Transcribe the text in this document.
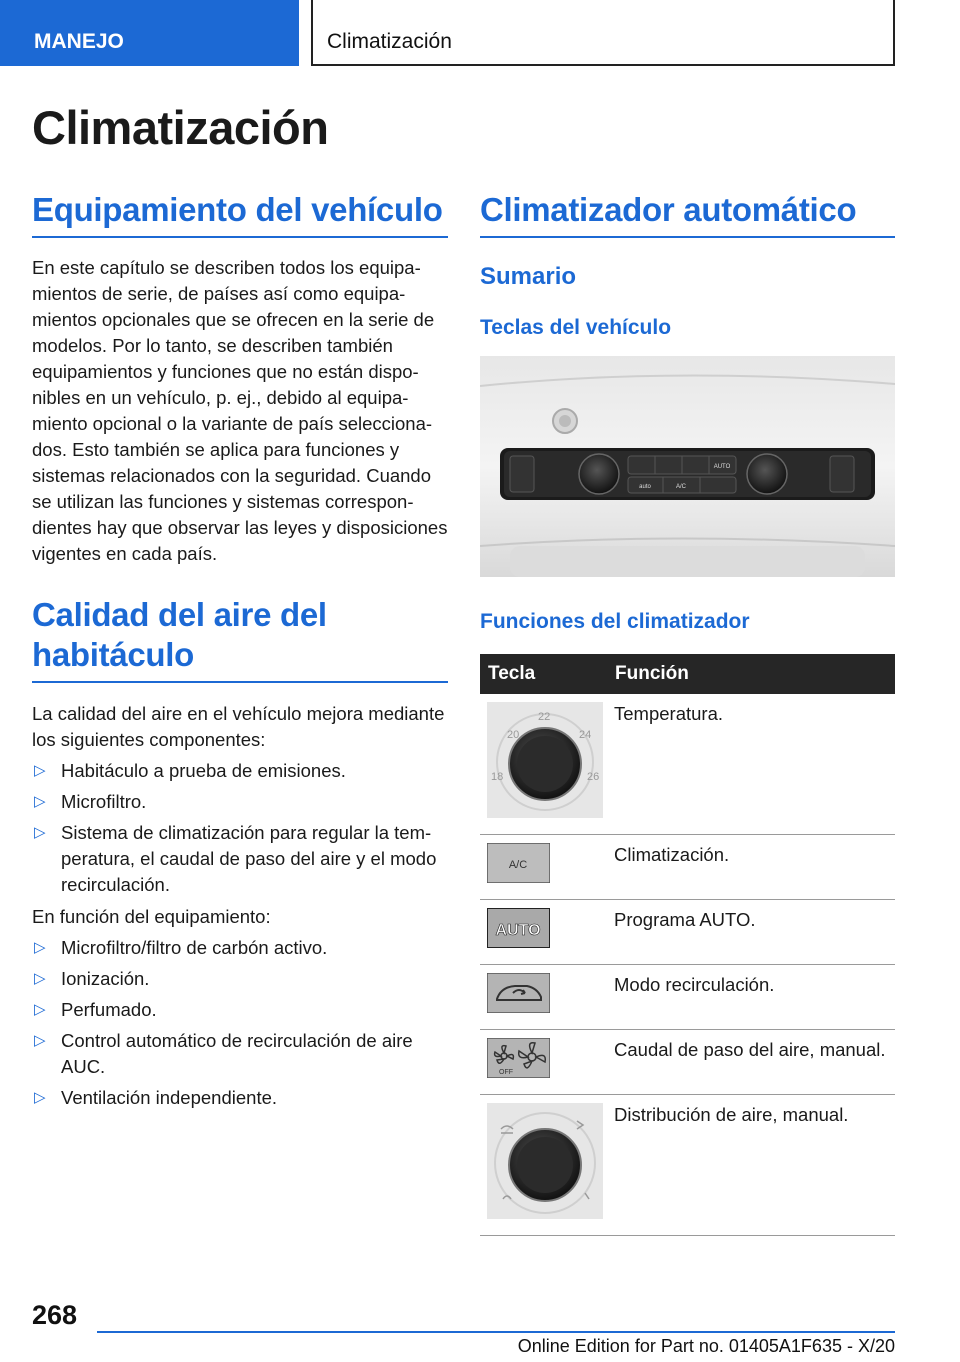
MANEJO	Climatización
Climatización
Equipamiento del vehículo

En este capítulo se describen todos los equipamientos de serie, de países así como equipamientos opcionales que se ofrecen en la serie de modelos. Por lo tanto, se describen también equipamientos y funciones que no están disponibles en un vehículo, p. ej., debido al equipamiento opcional o la variante de país seleccionados. Esto también se aplica para funciones y sistemas relacionados con la seguridad. Cuando se utilizan las funciones y sistemas correspondientes hay que observar las leyes y disposiciones vigentes en cada país.

Calidad del aire del habitáculo

La calidad del aire en el vehículo mejora mediante los siguientes componentes:

▷ Habitáculo a prueba de emisiones.
▷ Microfiltro.
▷ Sistema de climatización para regular la temperatura, el caudal de paso del aire y el modo recirculación.

En función del equipamiento:

▷ Microfiltro/filtro de carbón activo.
▷ Ionización.
▷ Perfumado.
▷ Control automático de recirculación de aire AUC.
▷ Ventilación independiente.
Climatizador automático
Sumario
Teclas del vehículo
AUTO
A/C
auto
Funciones del climatizador
Tecla	Función

20
22
24
18 26	Temperatura.

A/C	Climatización.

AUTO	Programa AUTO.
	Modo recirculación.

OFF	Caudal de paso del aire, manual.
	Distribución de aire, manual.
268
Online Edition for Part no. 01405A1F635 - X/20
